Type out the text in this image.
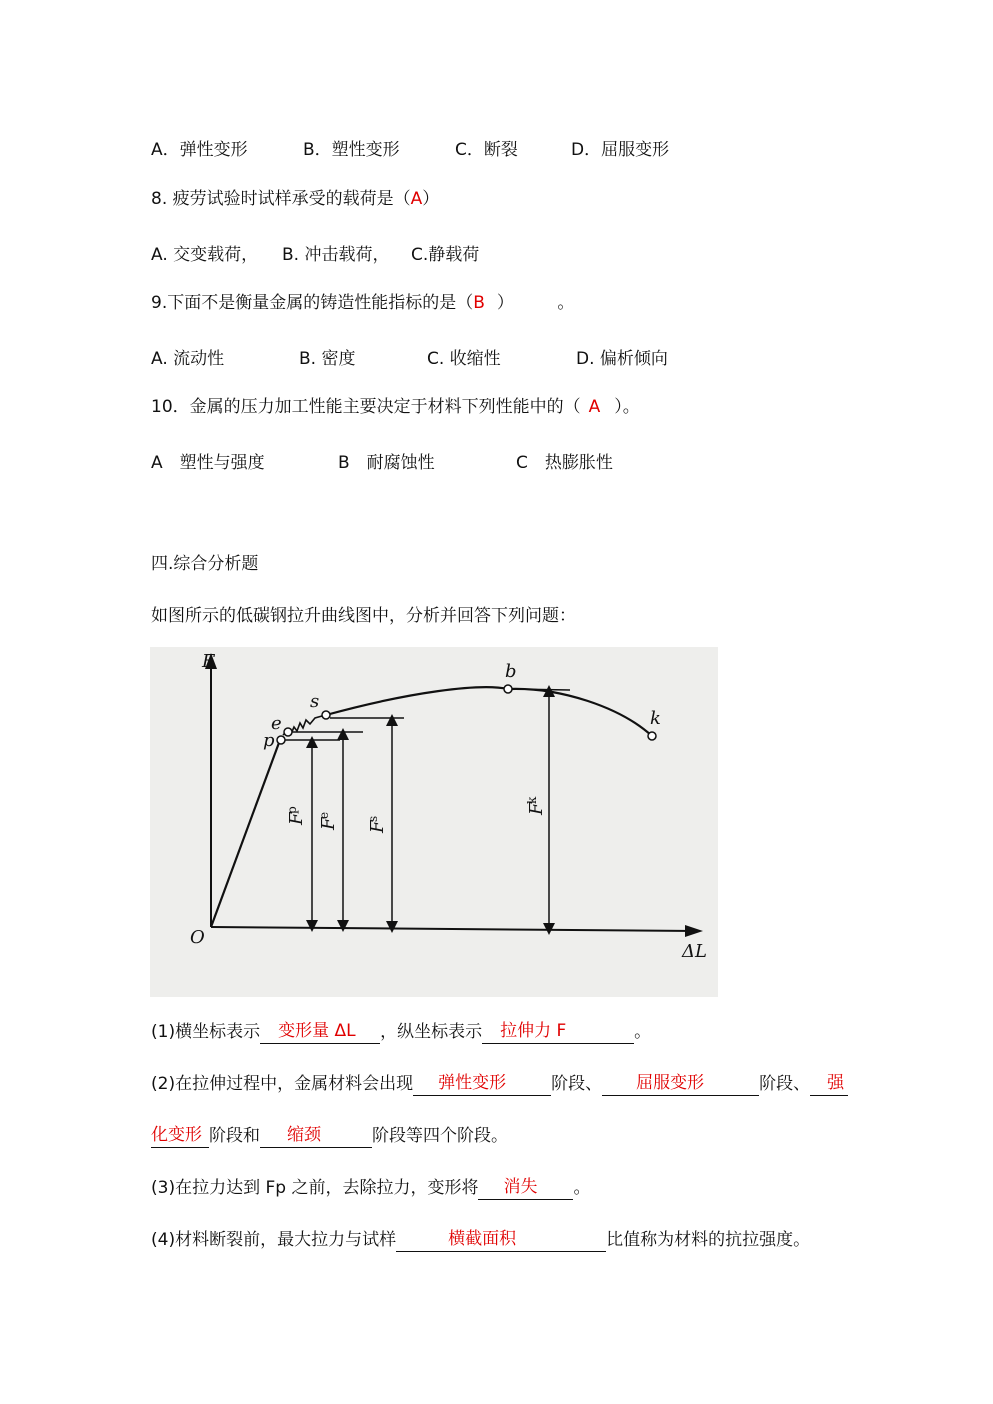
A．弹性变形	B．塑性变形	C．断裂	D．屈服变形
8. 疲劳试验时试样承受的载荷是（A）
A. 交变载荷， B. 冲击载荷， C.静载荷
9.下面不是衡量金属的铸造性能指标的是（B ）	。
A. 流动性	B. 密度	C. 收缩性	D. 偏析倾向
10．金属的压力加工性能主要决定于材料下列性能中的（ A ）。
A　塑性与强度	B　耐腐蚀性	C　热膨胀性
四.综合分析题
如图所示的低碳钢拉升曲线图中，分析并回答下列问题：
F
ΔL
O
p
e
s
b
k
F
p
F
e
F
s
F
k
(1)横坐标表示 变形量 ΔL ，纵坐标表示 拉伸力 F	。
(2)在拉伸过程中，金属材料会出现 弹性变形	阶段、 屈服变形	阶段、 强
化变形 阶段和 缩颈	阶段等四个阶段。
(3)在拉力达到 Fp 之前，去除拉力，变形将 消失 。
(4)材料断裂前，最大拉力与试样	横截面积	比值称为材料的抗拉强度。
